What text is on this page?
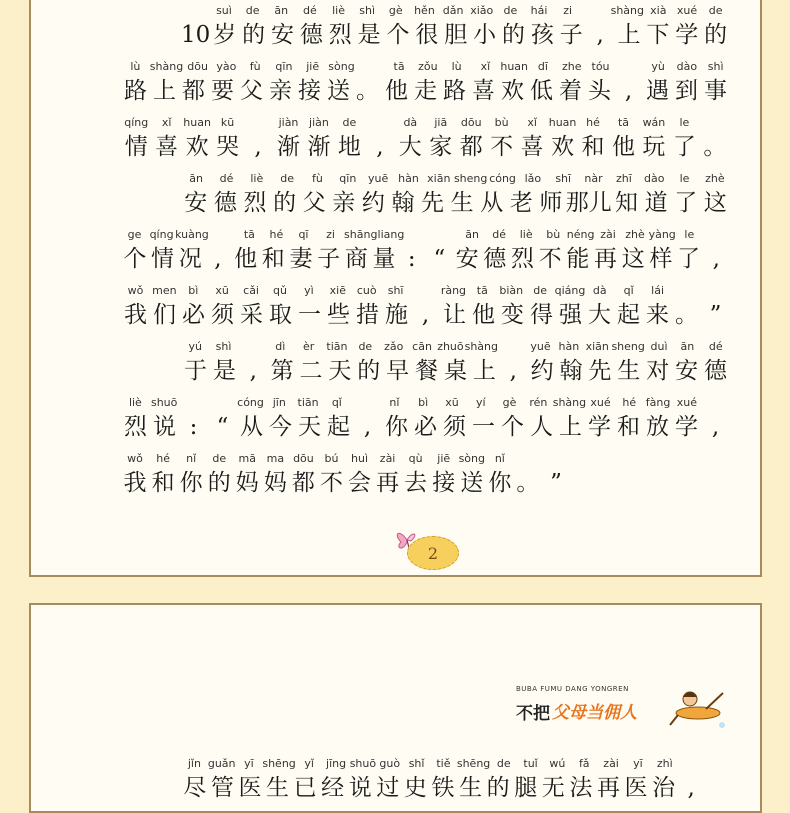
suì	de	ān	dé	liè	shì	gè	hěn dǎn xiǎo de	hái	zi	shàng xià xué	de
10 岁 的 安 德 烈 是 个 很 胆 小 的 孩 子 , 上 下 学 的
lù shàng dōu yào	fù	qīn	jiē sòng	tā	zǒu	lù	xǐ huan dī	zhe tóu	yù	dào shì
路 上 都 要 父 亲 接 送 。 他 走 路 喜 欢 低 着 头 , 遇 到 事
qíng	xǐ	huan kū	jiàn jiàn	de	dà	jiā	dōu	bù	xǐ	huan hé	tā	wán	le
情 喜 欢 哭 , 渐 渐 地 , 大 家 都 不 喜 欢 和 他 玩 了 。
ān	dé	liè	de	fù	qīn	yuē hàn xiān sheng cóng lǎo	shī	nàr	zhī	dào	le	zhè
安 德 烈 的 父 亲 约 翰 先 生 从 老 师 那儿 知 道 了 这
ge qíng kuàng	tā	hé	qī	zi shāng liang	ān	dé	liè	bù néng zài zhè yàng le
个 情 况 , 他 和 妻 子 商 量 : “ 安 德 烈 不 能 再 这 样 了 ,
wǒ men	bì	xū	cǎi	qǔ	yì	xiē cuò	shī	ràng tā	biàn de qiáng dà	qǐ	lái
我 们 必 须 采 取 一 些 措 施 , 让 他 变 得 强 大 起 来 。 ”
yú	shì	dì	èr	tiān de	zǎo cān zhuō shàng	yuē hàn xiān sheng duì	ān	dé
于 是 , 第 二 天 的 早 餐 桌 上 , 约 翰 先 生 对 安 德
liè shuō	cóng jīn	tiān	qǐ	nǐ	bì	xū	yí	gè	rén shàng xué	hé fàng xué
烈 说 : “ 从 今 天 起 , 你 必 须 一 个 人 上 学 和 放 学 ,
wǒ	hé	nǐ	de	mā ma dōu bú	huì	zài	qù	jiē sòng nǐ
我 和 你 的 妈 妈 都 不 会 再 去 接 送 你 。 ”
2
BUBA FUMU DANG YONGREN
不把 父母当佣人
jǐn guǎn yī shēng yǐ	jīng shuō guò shǐ	tiě shēng de	tuǐ	wú	fǎ	zài	yī	zhì
尽 管 医 生 已 经 说 过 史 铁 生 的 腿 无 法 再 医 治 ,
